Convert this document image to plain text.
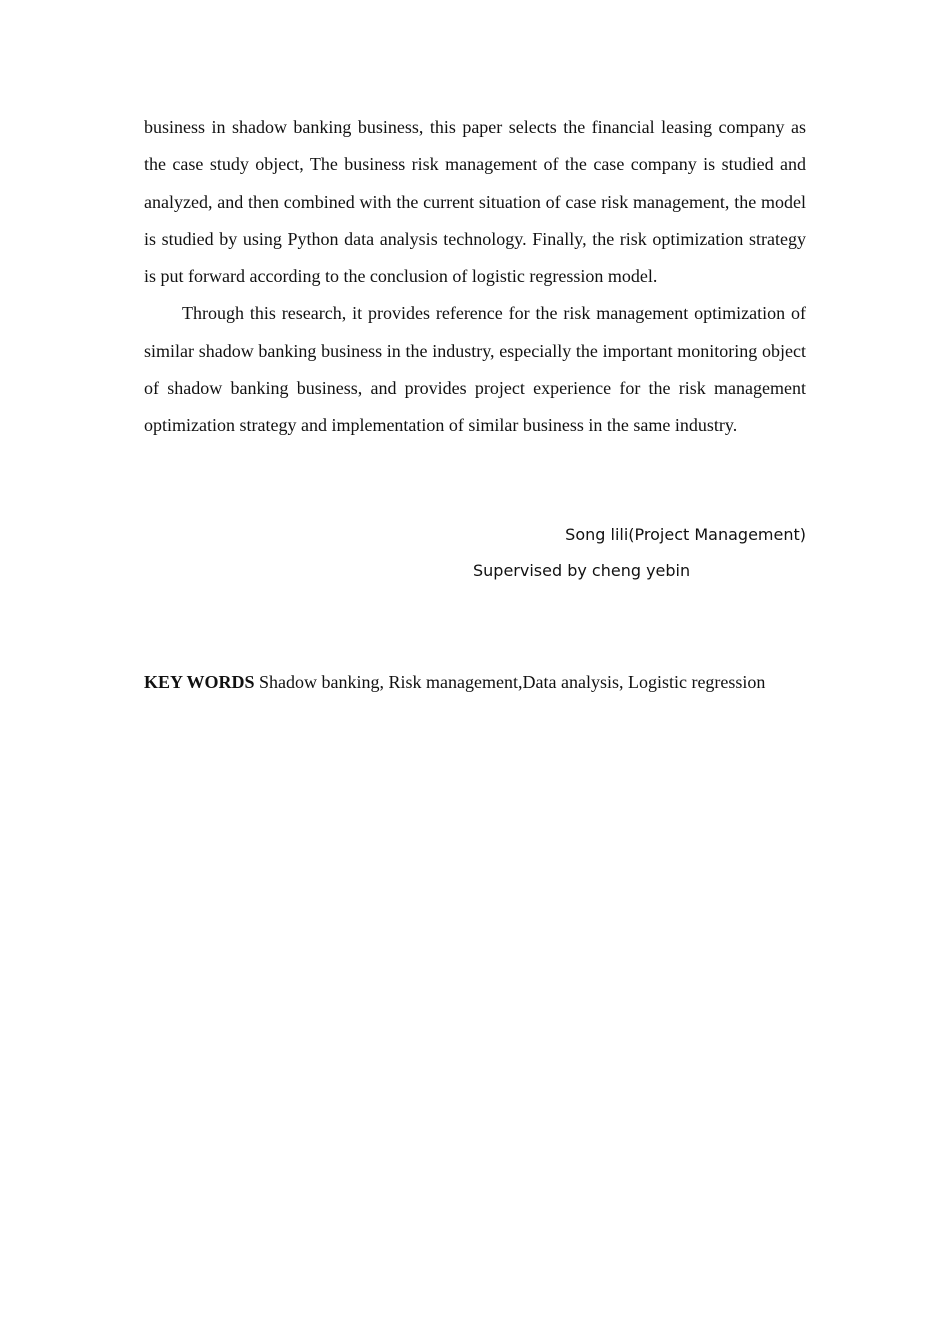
business in shadow banking business, this paper selects the financial leasing company as the case study object, The business risk management of the case company is studied and analyzed, and then combined with the current situation of case risk management, the model is studied by using Python data analysis technology. Finally, the risk optimization strategy is put forward according to the conclusion of logistic regression model.

Through this research, it provides reference for the risk management optimization of similar shadow banking business in the industry, especially the important monitoring object of shadow banking business, and provides project experience for the risk management optimization strategy and implementation of similar business in the same industry.

Song lili(Project Management)
Supervised by cheng yebin
KEY WORDS Shadow banking, Risk management,Data analysis, Logistic regression
